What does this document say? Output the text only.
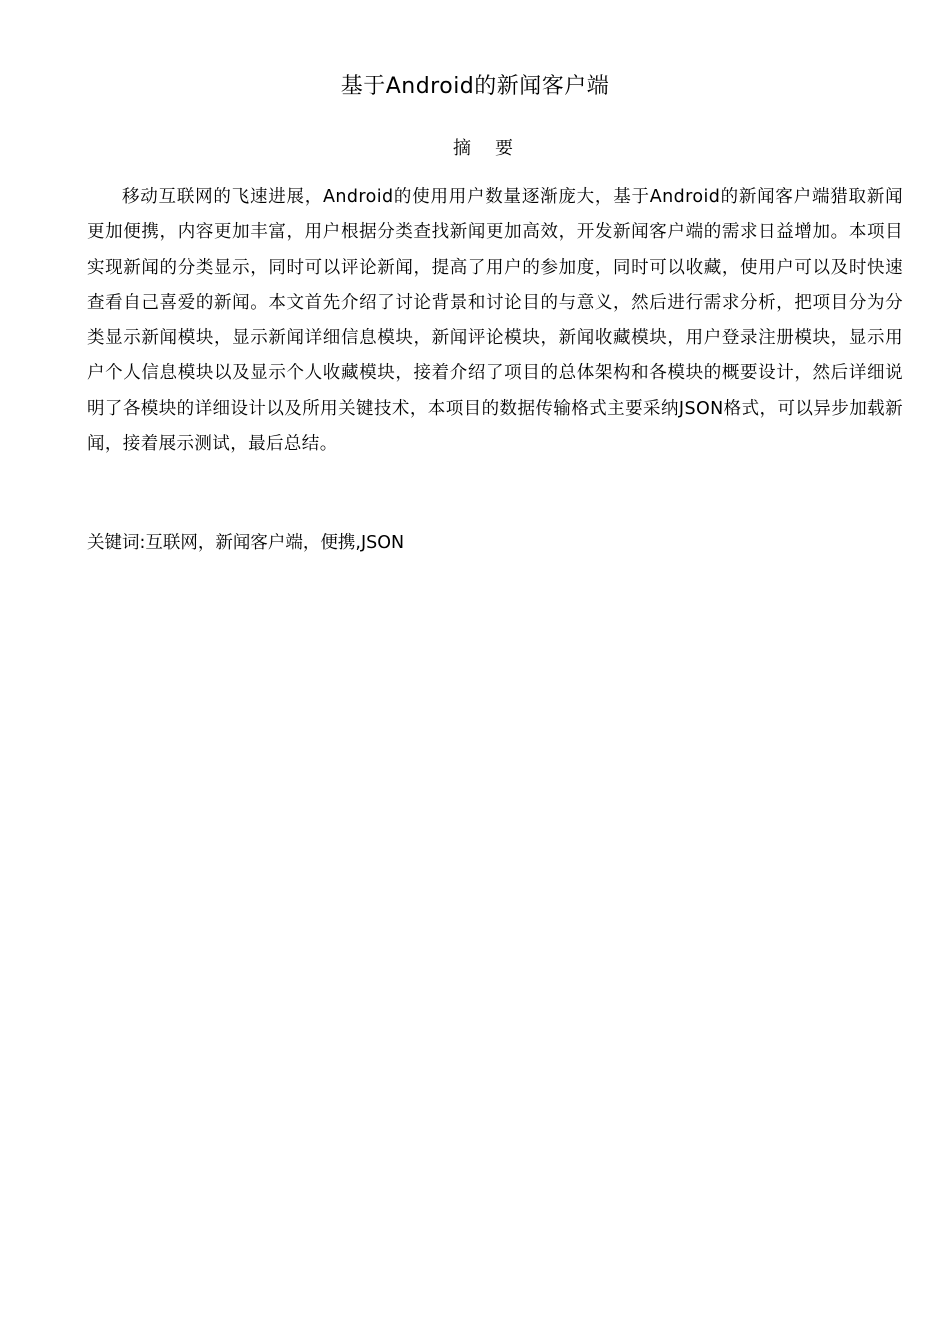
基于Android的新闻客户端
摘要

移动互联网的飞速进展，Android的使用用户数量逐渐庞大，基于Android的新闻客户端猎取新闻更加便携，内容更加丰富，用户根据分类查找新闻更加高效，开发新闻客户端的需求日益增加。本项目实现新闻的分类显示，同时可以评论新闻，提高了用户的参加度，同时可以收藏，使用户可以及时快速查看自己喜爱的新闻。本文首先介绍了讨论背景和讨论目的与意义，然后进行需求分析，把项目分为分类显示新闻模块，显示新闻详细信息模块，新闻评论模块，新闻收藏模块，用户登录注册模块，显示用户个人信息模块以及显示个人收藏模块，接着介绍了项目的总体架构和各模块的概要设计，然后详细说明了各模块的详细设计以及所用关键技术，本项目的数据传输格式主要采纳JSON格式，可以异步加载新闻，接着展示测试，最后总结。

关键词:互联网，新闻客户端，便携,JSON
